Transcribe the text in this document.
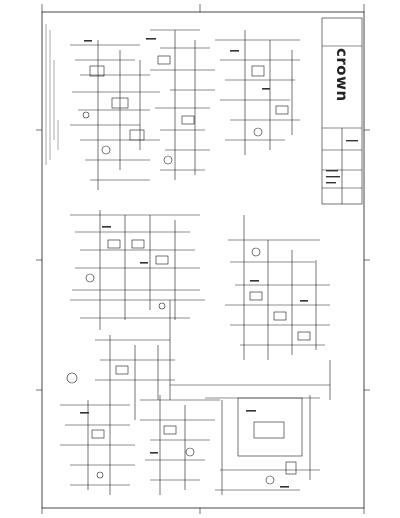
crown
